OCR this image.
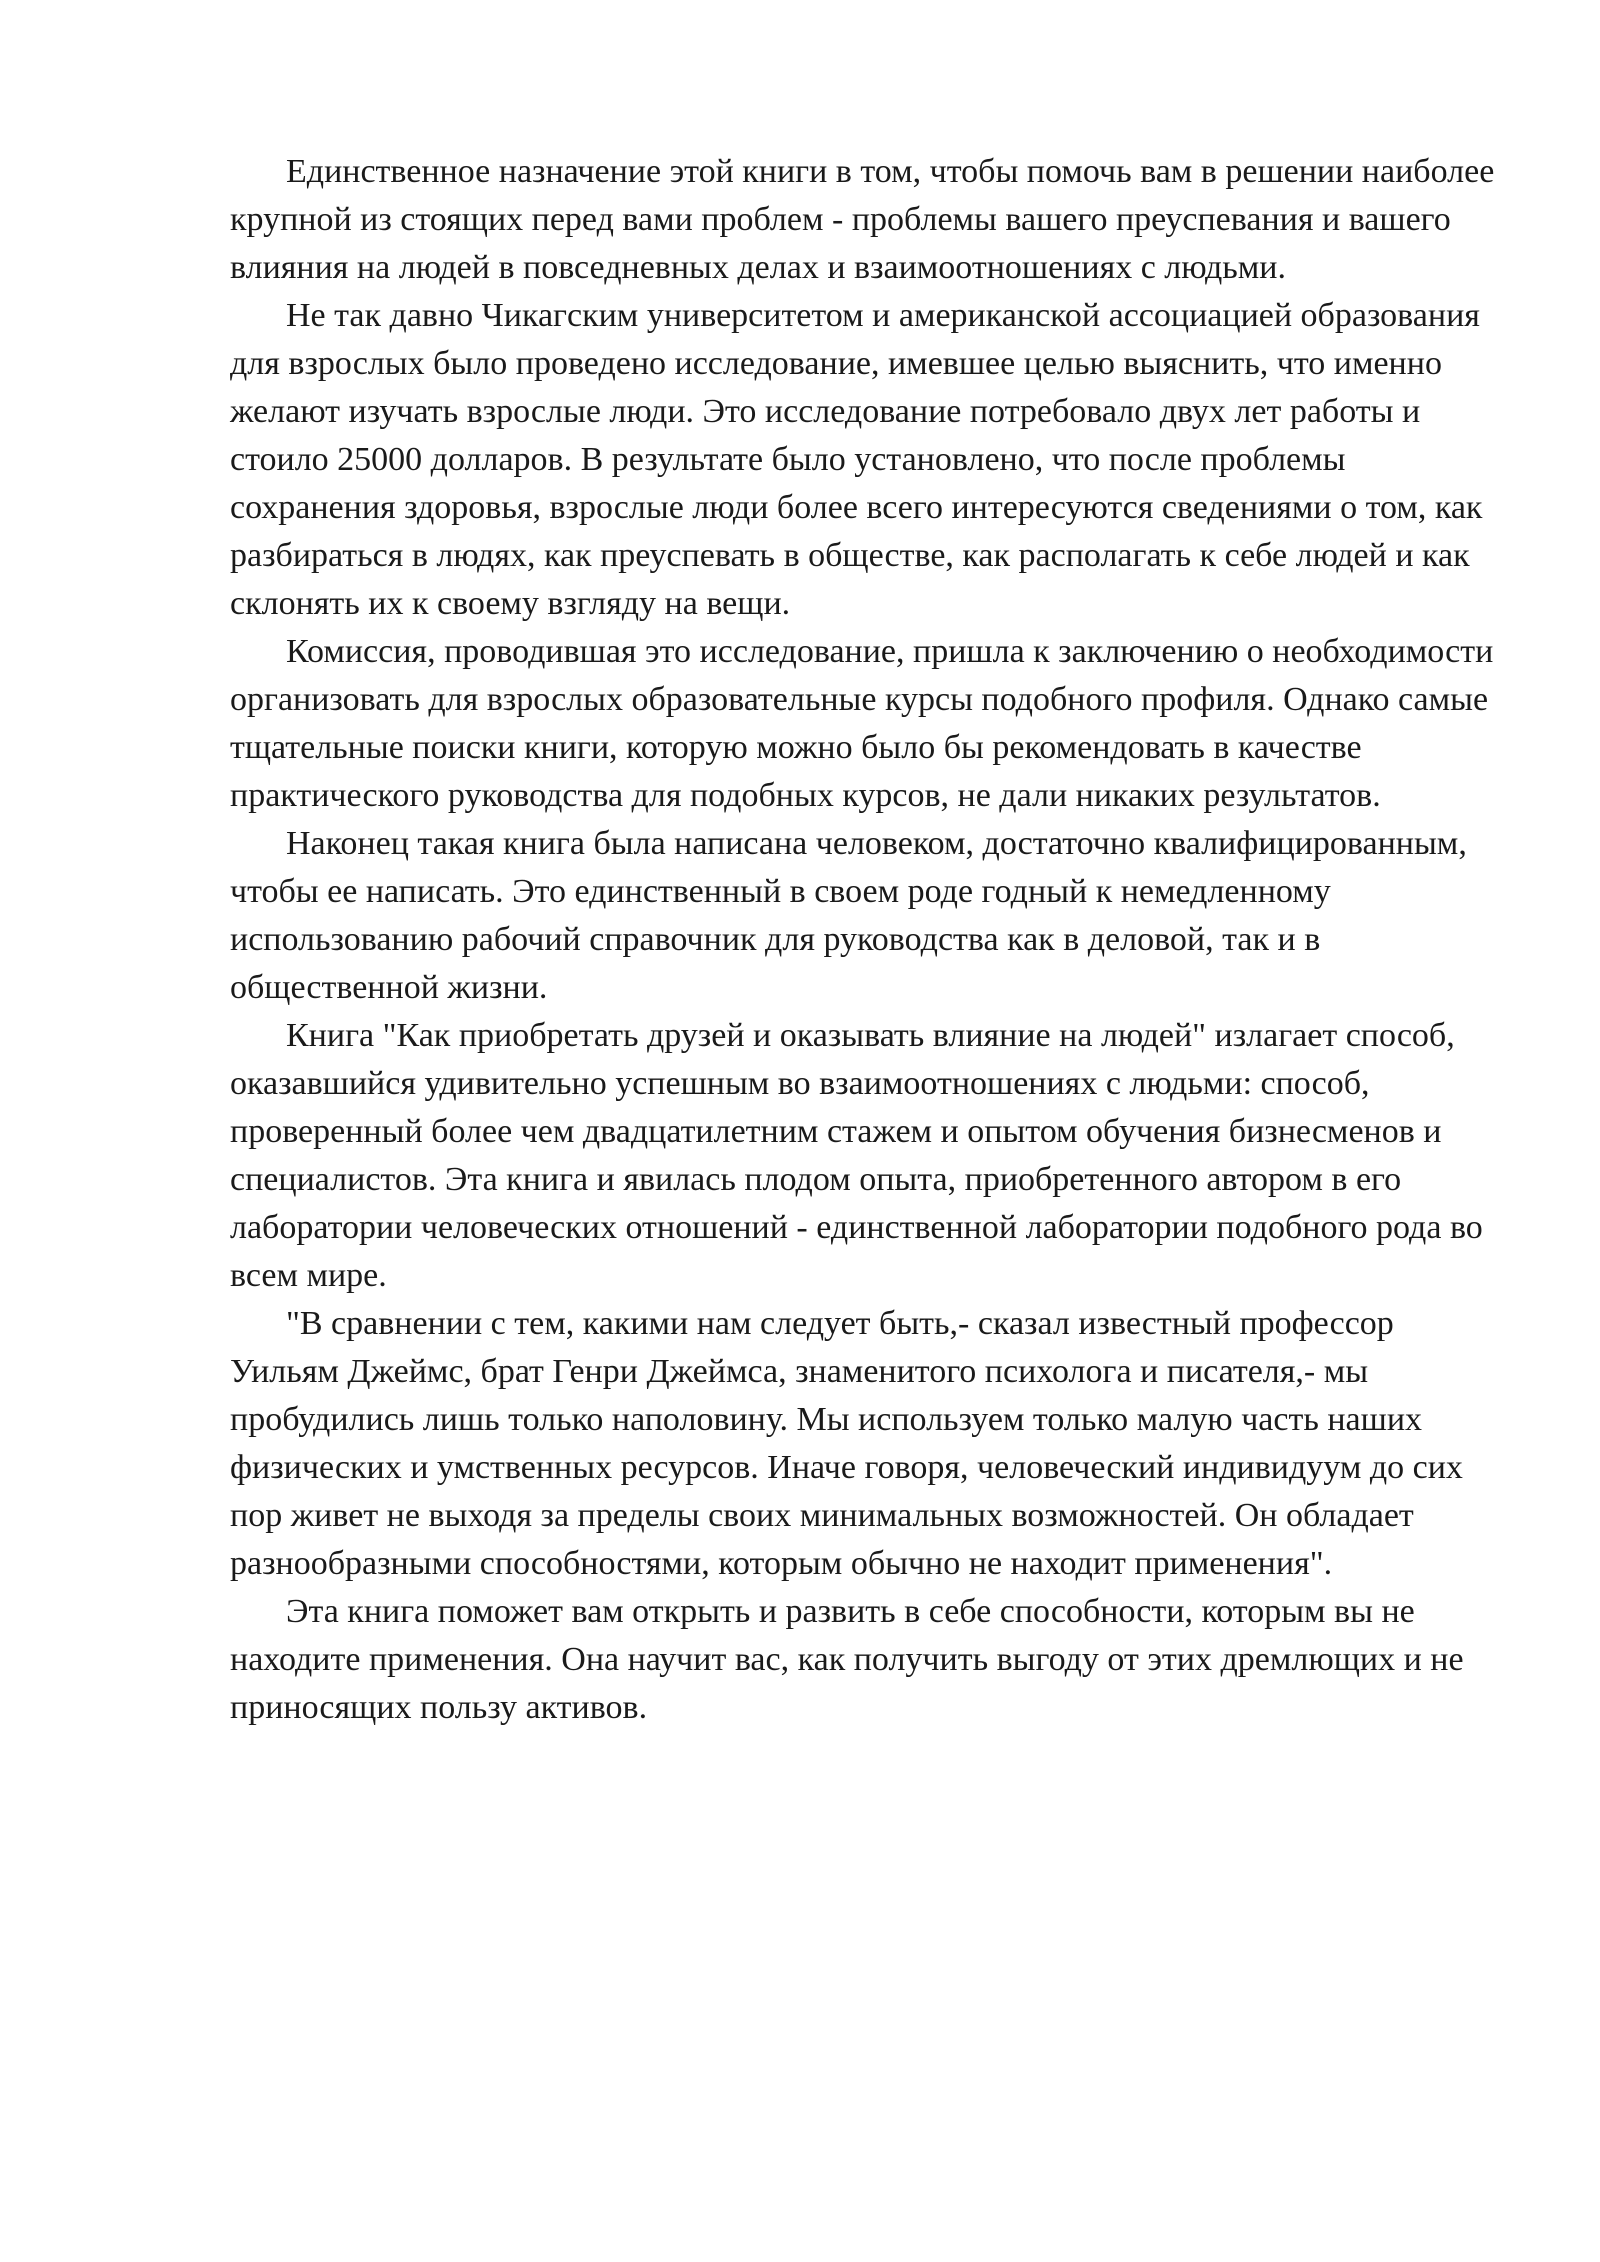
Единственное назначение этой книги в том, чтобы помочь вам в решении наиболее крупной из стоящих перед вами проблем - проблемы вашего преуспевания и вашего влияния на людей в повседневных делах и взаимоотношениях с людьми.

Не так давно Чикагским университетом и американской ассоциацией образования для взрослых было проведено исследование, имевшее целью выяснить, что именно желают изучать взрослые люди. Это исследование потребовало двух лет работы и стоило 25000 долларов. В результате было установлено, что после проблемы сохранения здоровья, взрослые люди более всего интересуются сведениями о том, как разбираться в людях, как преуспевать в обществе, как располагать к себе людей и как склонять их к своему взгляду на вещи.

Комиссия, проводившая это исследование, пришла к заключению о необходимости организовать для взрослых образовательные курсы подобного профиля. Однако самые тщательные поиски книги, которую можно было бы рекомендовать в качестве практического руководства для подобных курсов, не дали никаких результатов.

Наконец такая книга была написана человеком, достаточно квалифицированным, чтобы ее написать. Это единственный в своем роде годный к немедленному использованию рабочий справочник для руководства как в деловой, так и в общественной жизни.

Книга "Как приобретать друзей и оказывать влияние на людей" излагает способ, оказавшийся удивительно успешным во взаимоотношениях с людьми: способ, проверенный более чем двадцатилетним стажем и опытом обучения бизнесменов и специалистов. Эта книга и явилась плодом опыта, приобретенного автором в его лаборатории человеческих отношений - единственной лаборатории подобного рода во всем мире.

"В сравнении с тем, какими нам следует быть,- сказал известный профессор Уильям Джеймс, брат Генри Джеймса, знаменитого психолога и писателя,- мы пробудились лишь только наполовину. Мы используем только малую часть наших физических и умственных ресурсов. Иначе говоря, человеческий индивидуум до сих пор живет не выходя за пределы своих минимальных возможностей. Он обладает разнообразными способностями, которым обычно не находит применения".

Эта книга поможет вам открыть и развить в себе способности, которым вы не находите применения. Она научит вас, как получить выгоду от этих дремлющих и не приносящих пользу активов.
